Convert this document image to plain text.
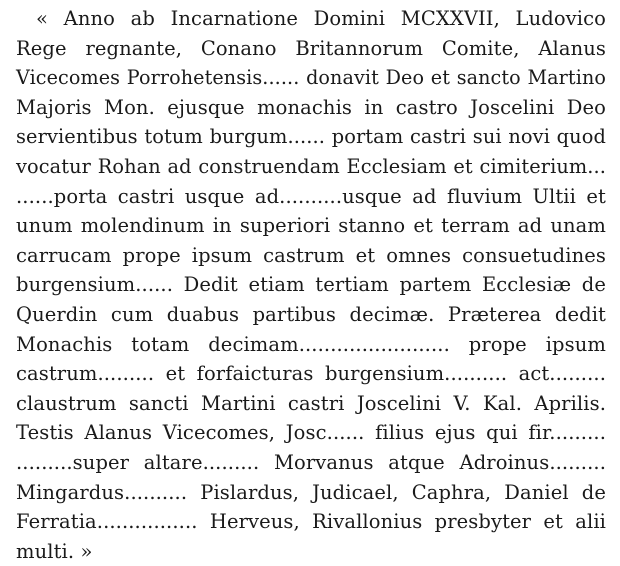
« Anno ab Incarnatione Domini MCXXVII, Ludovico
Rege regnante, Conano Britannorum Comite, Alanus
Vicecomes Porrohetensis...... donavit Deo et sancto Martino
Majoris Mon. ejusque monachis in castro Joscelini Deo
servientibus totum burgum...... portam castri sui novi quod
vocatur Rohan ad construendam Ecclesiam et cimiterium...
......porta castri usque ad..........usque ad fluvium Ultii et
unum molendinum in superiori stanno et terram ad unam
carrucam prope ipsum castrum et omnes consuetudines
burgensium...... Dedit etiam tertiam partem Ecclesiæ de
Querdin cum duabus partibus decimæ. Præterea dedit
Monachis totam decimam........................ prope ipsum
castrum......... et forfaicturas burgensium.......... act.........
claustrum sancti Martini castri Joscelini V. Kal. Aprilis.
Testis Alanus Vicecomes, Josc...... filius ejus qui fir.........
.........super altare......... Morvanus atque Adroinus.........
Mingardus.......... Pislardus, Judicael, Caphra, Daniel de
Ferratia................ Herveus, Rivallonius presbyter et alii
multi. »
